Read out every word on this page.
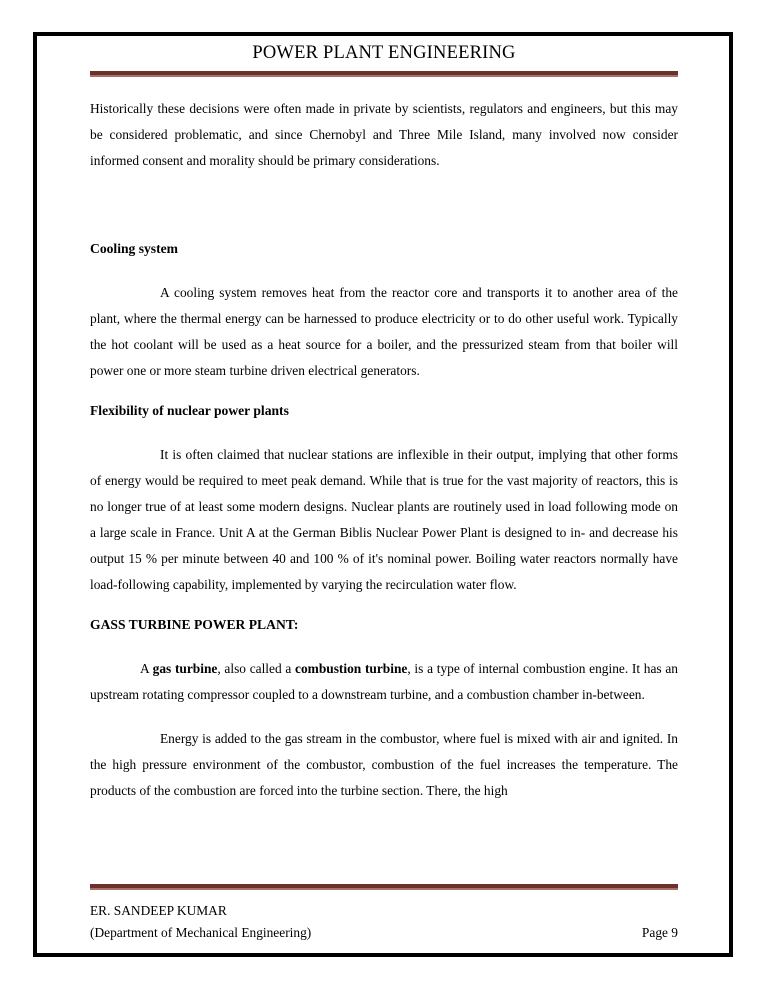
POWER PLANT ENGINEERING

Historically these decisions were often made in private by scientists, regulators and engineers, but this may be considered problematic, and since Chernobyl and Three Mile Island, many involved now consider informed consent and morality should be primary considerations.

Cooling system

A cooling system removes heat from the reactor core and transports it to another area of the plant, where the thermal energy can be harnessed to produce electricity or to do other useful work. Typically the hot coolant will be used as a heat source for a boiler, and the pressurized steam from that boiler will power one or more steam turbine driven electrical generators.

Flexibility of nuclear power plants

It is often claimed that nuclear stations are inflexible in their output, implying that other forms of energy would be required to meet peak demand. While that is true for the vast majority of reactors, this is no longer true of at least some modern designs. Nuclear plants are routinely used in load following mode on a large scale in France. Unit A at the German Biblis Nuclear Power Plant is designed to in- and decrease his output 15 % per minute between 40 and 100 % of it's nominal power. Boiling water reactors normally have load-following capability, implemented by varying the recirculation water flow.

GASS TURBINE POWER PLANT:

A gas turbine, also called a combustion turbine, is a type of internal combustion engine. It has an upstream rotating compressor coupled to a downstream turbine, and a combustion chamber in-between.

Energy is added to the gas stream in the combustor, where fuel is mixed with air and ignited. In the high pressure environment of the combustor, combustion of the fuel increases the temperature. The products of the combustion are forced into the turbine section. There, the high

ER. SANDEEP KUMAR
(Department of Mechanical Engineering)	Page 9
